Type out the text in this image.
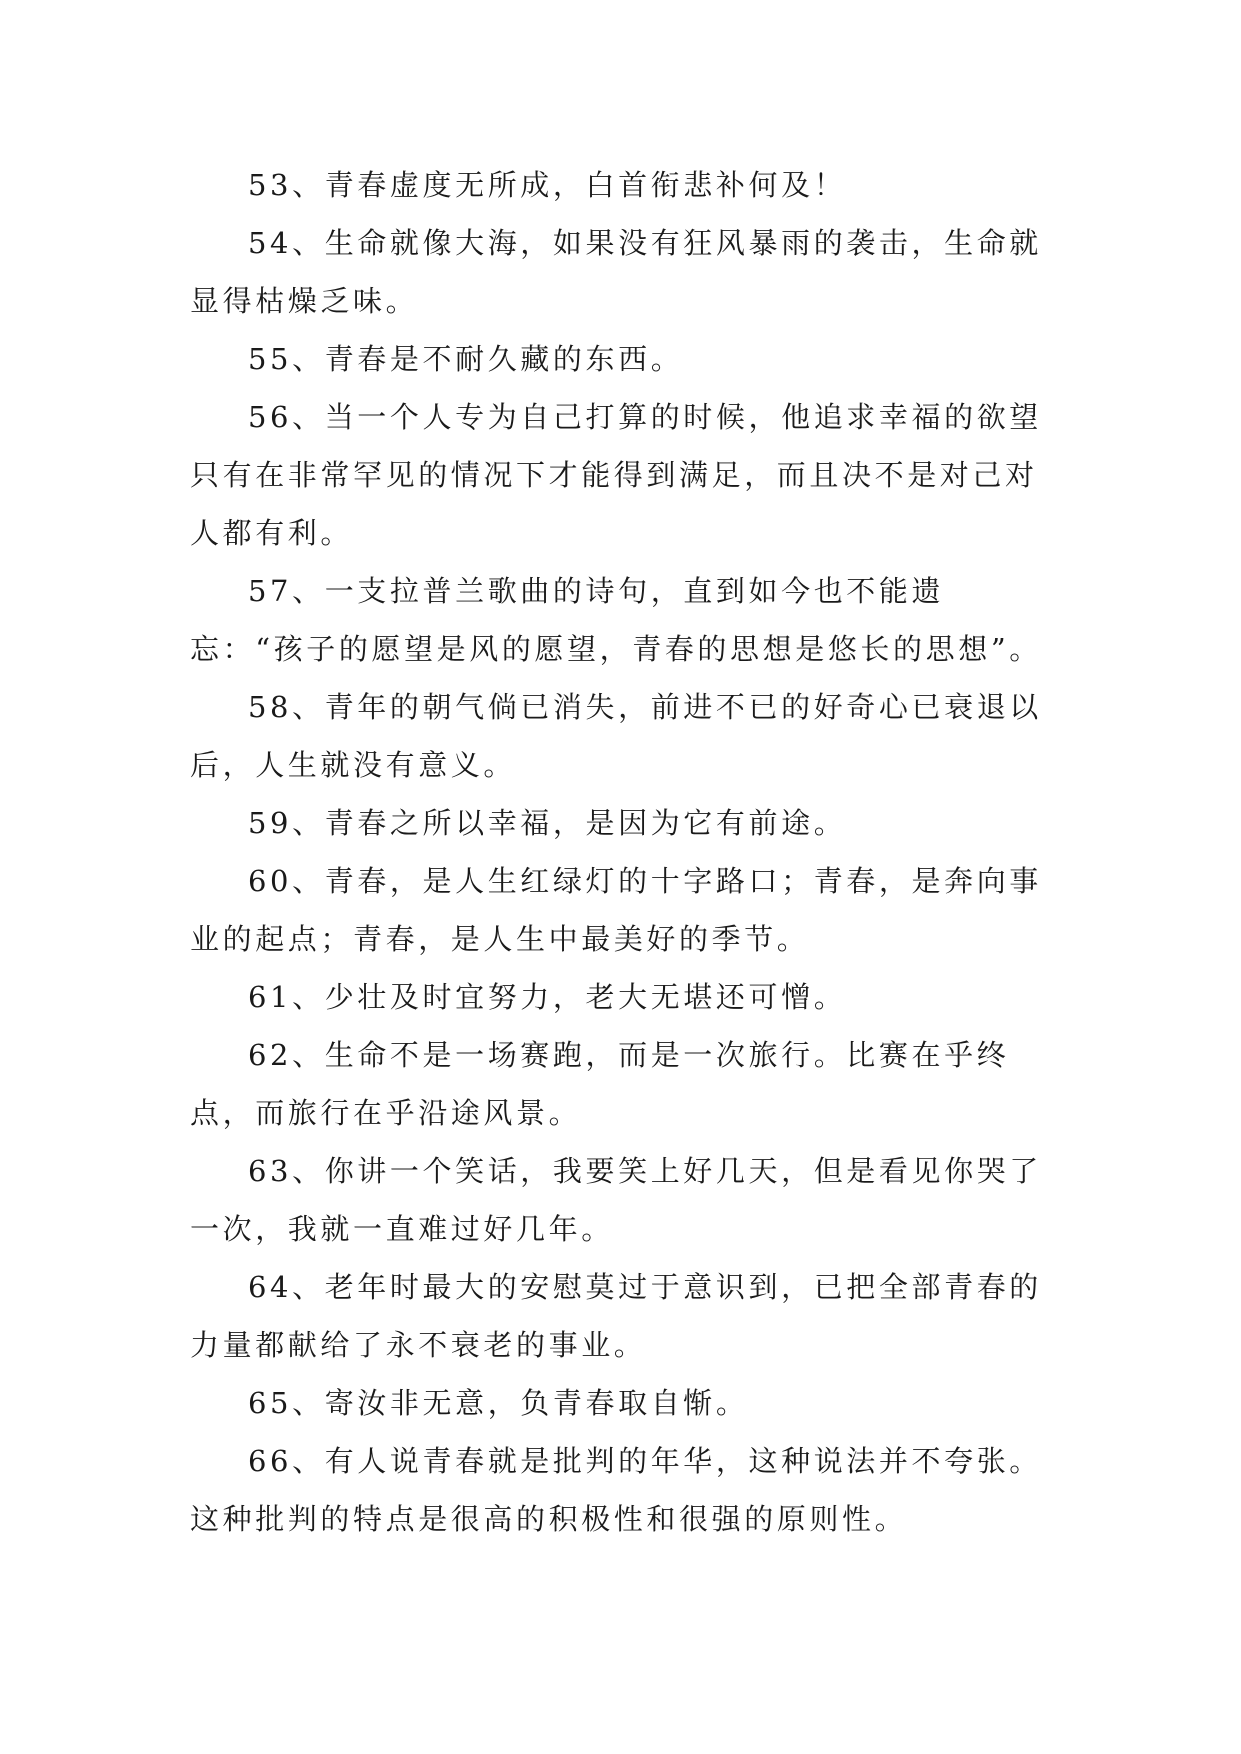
53、青春虚度无所成，白首衔悲补何及！

54、生命就像大海，如果没有狂风暴雨的袭击，生命就显得枯燥乏味。

55、青春是不耐久藏的东西。

56、当一个人专为自己打算的时候，他追求幸福的欲望只有在非常罕见的情况下才能得到满足，而且决不是对己对人都有利。

57、一支拉普兰歌曲的诗句，直到如今也不能遗忘：“孩子的愿望是风的愿望，青春的思想是悠长的思想”。

58、青年的朝气倘已消失，前进不已的好奇心已衰退以后，人生就没有意义。

59、青春之所以幸福，是因为它有前途。

60、青春，是人生红绿灯的十字路口；青春，是奔向事业的起点；青春，是人生中最美好的季节。

61、少壮及时宜努力，老大无堪还可憎。

62、生命不是一场赛跑，而是一次旅行。比赛在乎终点，而旅行在乎沿途风景。

63、你讲一个笑话，我要笑上好几天，但是看见你哭了一次，我就一直难过好几年。

64、老年时最大的安慰莫过于意识到，已把全部青春的力量都献给了永不衰老的事业。

65、寄汝非无意，负青春取自惭。

66、有人说青春就是批判的年华，这种说法并不夸张。这种批判的特点是很高的积极性和很强的原则性。
